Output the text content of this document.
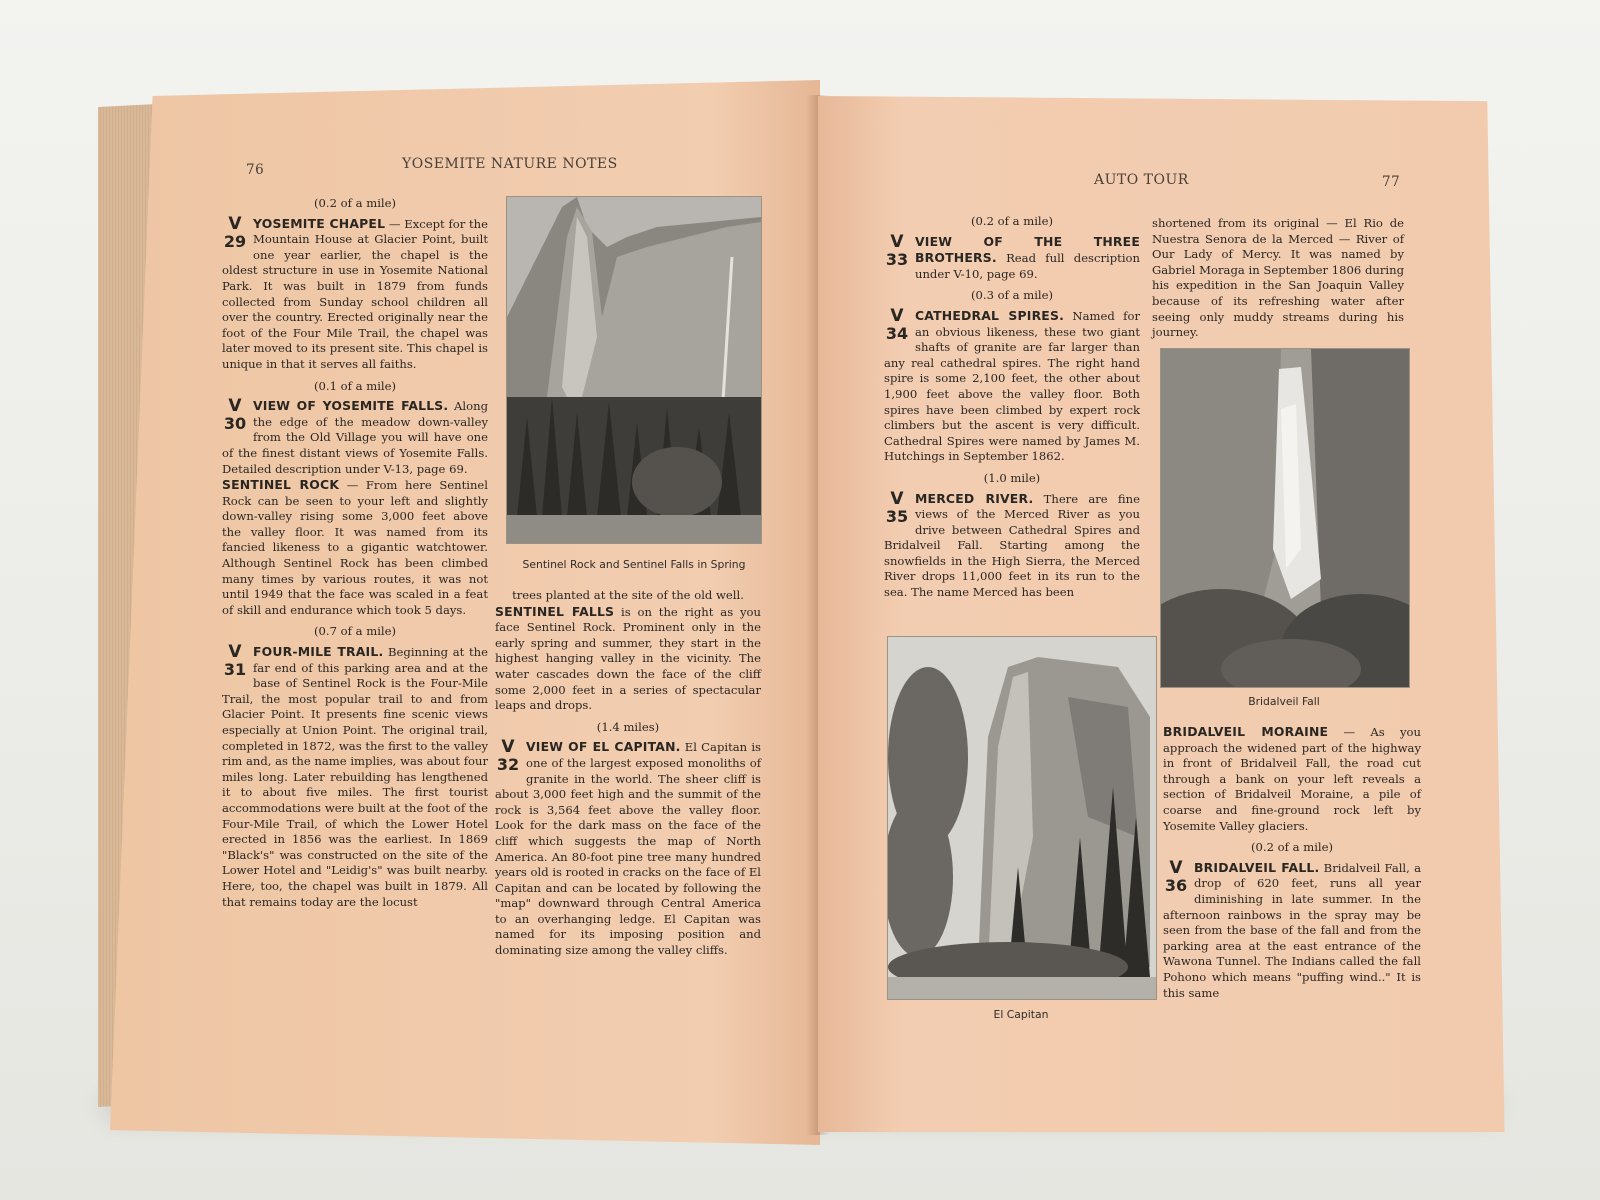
76	YOSEMITE NATURE NOTES
(0.2 of a mile)
V
29
YOSEMITE CHAPEL — Except for the Mountain House at Glacier Point, built one year earlier, the chapel is the oldest structure in use in Yosemite National Park. It was built in 1879 from funds collected from Sunday school children all over the country. Erected originally near the foot of the Four Mile Trail, the chapel was later moved to its present site. This chapel is unique in that it serves all faiths.
(0.1 of a mile)
V
30
VIEW OF YOSEMITE FALLS. Along the edge of the meadow down-valley from the Old Village you will have one of the finest distant views of Yosemite Falls. Detailed description under V-13, page 69.

SENTINEL ROCK — From here Sentinel Rock can be seen to your left and slightly down-valley rising some 3,000 feet above the valley floor. It was named from its fancied likeness to a gigantic watchtower. Although Sentinel Rock has been climbed many times by various routes, it was not until 1949 that the face was scaled in a feat of skill and endurance which took 5 days.

(0.7 of a mile)
V
31
FOUR-MILE TRAIL. Beginning at the far end of this parking area and at the base of Sentinel Rock is the Four-Mile Trail, the most popular trail to and from Glacier Point. It presents fine scenic views especially at Union Point. The original trail, completed in 1872, was the first to the valley rim and, as the name implies, was about four miles long. Later rebuilding has lengthened it to about five miles. The first tourist accommodations were built at the foot of the Four-Mile Trail, of which the Lower Hotel erected in 1856 was the earliest. In 1869 "Black's" was constructed on the site of the Lower Hotel and "Leidig's" was built nearby. Here, too, the chapel was built in 1879. All that remains today are the locust
Sentinel Rock and Sentinel Falls in Spring

trees planted at the site of the old well.

SENTINEL FALLS is on the right as you face Sentinel Rock. Prominent only in the early spring and summer, they start in the highest hanging valley in the vicinity. The water cascades down the face of the cliff some 2,000 feet in a series of spectacular leaps and drops.

(1.4 miles)
V
32
VIEW OF EL CAPITAN. El Capitan is one of the largest exposed monoliths of granite in the world. The sheer cliff is about 3,000 feet high and the summit of the rock is 3,564 feet above the valley floor. Look for the dark mass on the face of the cliff which suggests the map of North America. An 80-foot pine tree many hundred years old is rooted in cracks on the face of El Capitan and can be located by following the "map" downward through Central America to an overhanging ledge. El Capitan was named for its imposing position and dominating size among the valley cliffs.
AUTO TOUR	77
(0.2 of a mile)
V
33
VIEW OF THE THREE BROTHERS. Read full description under V-10, page 69.
(0.3 of a mile)
V
34
CATHEDRAL SPIRES. Named for an obvious likeness, these two giant shafts of granite are far larger than any real cathedral spires. The right hand spire is some 2,100 feet, the other about 1,900 feet above the valley floor. Both spires have been climbed by expert rock climbers but the ascent is very difficult. Cathedral Spires were named by James M. Hutchings in September 1862.
(1.0 mile)
V
35
MERCED RIVER. There are fine views of the Merced River as you drive between Cathedral Spires and Bridalveil Fall. Starting among the snowfields in the High Sierra, the Merced River drops 11,000 feet in its run to the sea. The name Merced has been

shortened from its original — El Rio de Nuestra Senora de la Merced — River of Our Lady of Mercy. It was named by Gabriel Moraga in September 1806 during his expedition in the San Joaquin Valley because of its refreshing water after seeing only muddy streams during his journey.

Bridalveil Fall
El Capitan

BRIDALVEIL MORAINE — As you approach the widened part of the highway in front of Bridalveil Fall, the road cut through a bank on your left reveals a section of Bridalveil Moraine, a pile of coarse and fine-ground rock left by Yosemite Valley glaciers.

(0.2 of a mile)
V
36
BRIDALVEIL FALL. Bridalveil Fall, a drop of 620 feet, runs all year diminishing in late summer. In the afternoon rainbows in the spray may be seen from the base of the fall and from the parking area at the east entrance of the Wawona Tunnel. The Indians called the fall Pohono which means "puffing wind.." It is this same
